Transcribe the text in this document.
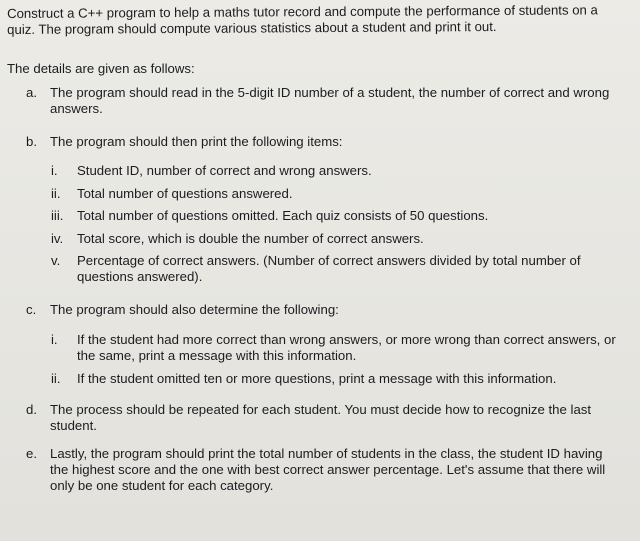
Construct a C++ program to help a maths tutor record and compute the performance of students on a quiz. The program should compute various statistics about a student and print it out.
The details are given as follows:
a. The program should read in the 5-digit ID number of a student, the number of correct and wrong answers.
b. The program should then print the following items:
i.	Student ID, number of correct and wrong answers.
ii.	Total number of questions answered.
iii.	Total number of questions omitted. Each quiz consists of 50 questions.
iv.	Total score, which is double the number of correct answers.
v.	Percentage of correct answers. (Number of correct answers divided by total number of questions answered).
c.	The program should also determine the following:
i.	If the student had more correct than wrong answers, or more wrong than correct answers, or the same, print a message with this information.
ii.	If the student omitted ten or more questions, print a message with this information.
d. The process should be repeated for each student. You must decide how to recognize the last student.
e. Lastly, the program should print the total number of students in the class, the student ID having the highest score and the one with best correct answer percentage. Let's assume that there will only be one student for each category.
